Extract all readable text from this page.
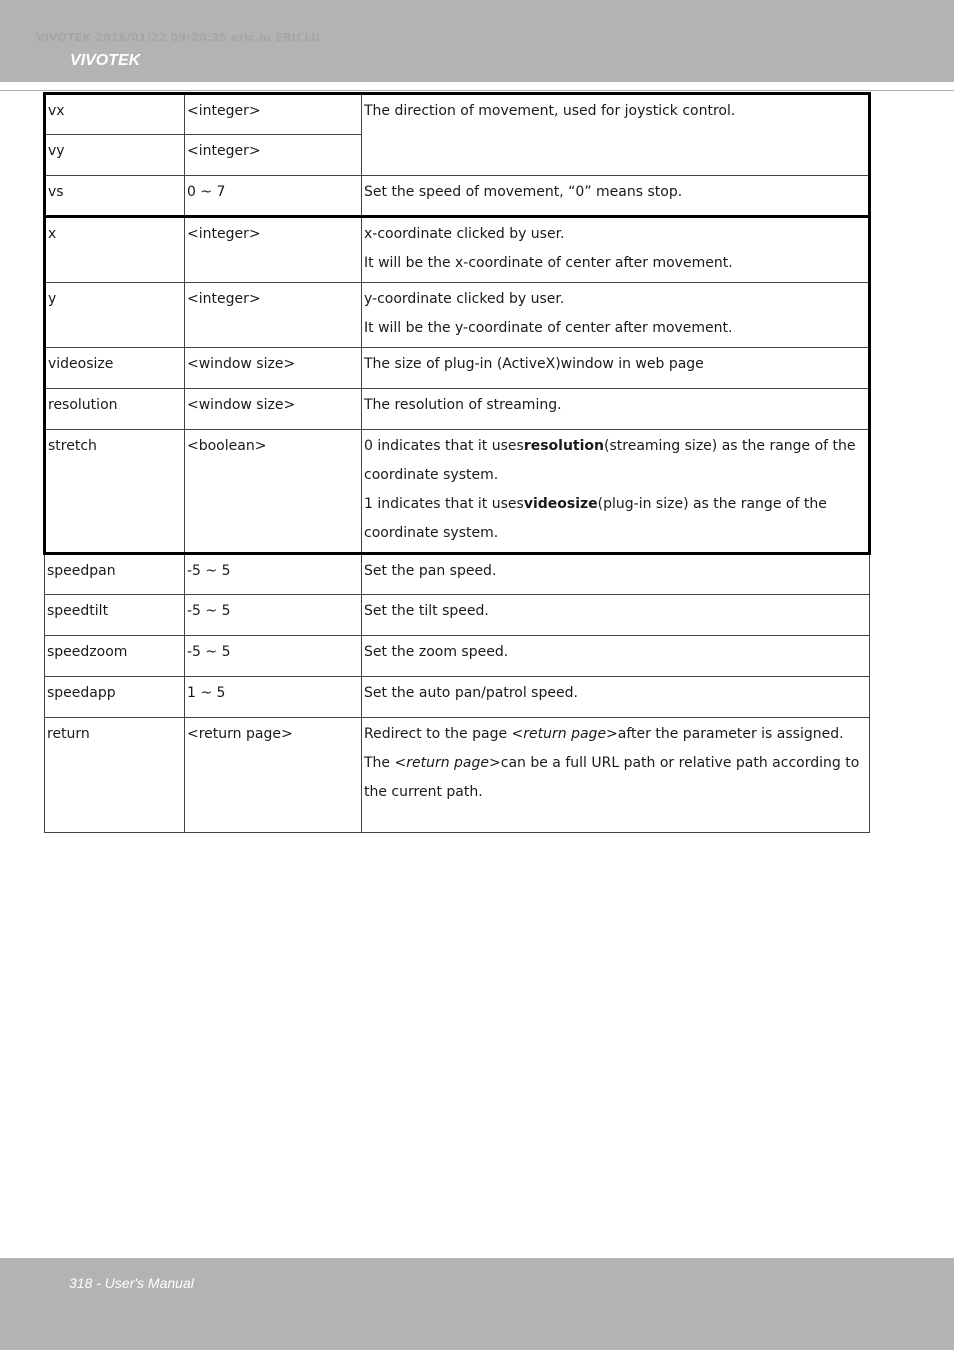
VIVOTEK 2016/01/22 09:20:35 eric.lu ERICLU
VIVOTEK
vx	<integer>	The direction of movement, used for joystick control.
vy	<integer>	
vs	0 ~ 7	Set the speed of movement, “0” means stop.
x	<integer>	x-coordinate clicked by user.
It will be the x-coordinate of center after movement.

y	<integer>	y-coordinate clicked by user.
It will be the y-coordinate of center after movement.

videosize	<window size>	The size of plug-in (ActiveX)window in web page
resolution	<window size>	The resolution of streaming.
stretch	<boolean>	0 indicates that it usesresolution(streaming size) as the range of the
coordinate system.
1 indicates that it usesvideosize(plug-in size) as the range of the
coordinate system.

speedpan	-5 ~ 5	Set the pan speed.
speedtilt	-5 ~ 5	Set the tilt speed.
speedzoom	-5 ~ 5	Set the zoom speed.
speedapp	1 ~ 5	Set the auto pan/patrol speed.
return	<return page>	Redirect to the page <return page>after the parameter is assigned.
The <return page>can be a full URL path or relative path according to
the current path.
318 - User's Manual
